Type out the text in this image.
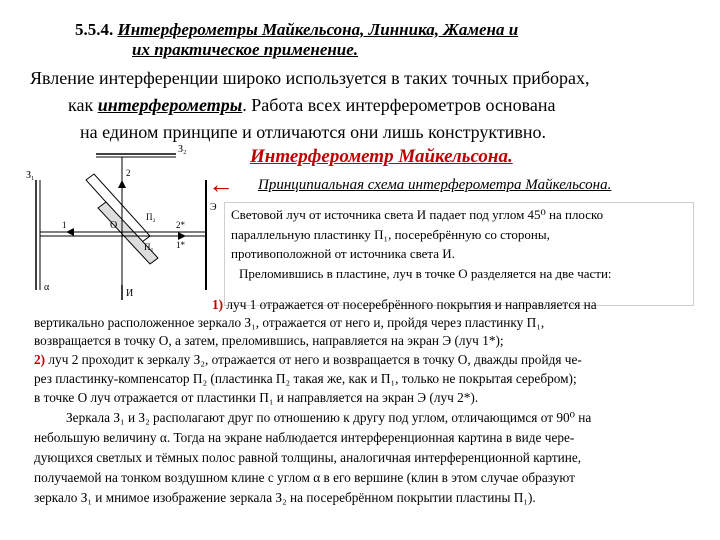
5.5.4. Интерферометры Майкельсона, Линника, Жамена и
их практическое применение.
Явление интерференции широко используется в таких точных приборах,
как интерферометры. Работа всех интерферометров основана
на едином принципе и отличаются они лишь конструктивно.
Интерферометр Майкельсона.
← Принципиальная схема интерферометра Майкельсона.
З₂
З₁
Э
И
П₁
П₂
О
1
2
1*
2*
α
Световой луч от источника света И падает под углом 45⁰ на плоско
параллельную пластинку П₁, посеребрённую со стороны,
противоположной от источника света И.
Преломившись в пластине, луч в точке О разделяется на две части:
1) луч 1 отражается от посеребрённого покрытия и направляется на
вертикально расположенное зеркало З₁, отражается от него и, пройдя через пластинку П₁,
возвращается в точку О, а затем, преломившись, направляется на экран Э (луч 1*);
2) луч 2 проходит к зеркалу З₂, отражается от него и возвращается в точку О, дважды пройдя че-
рез пластинку-компенсатор П₂ (пластинка П₂ такая же, как и П₁, только не покрытая серебром);
в точке О луч отражается от пластинки П₁ и направляется на экран Э (луч 2*).
Зеркала З₁ и З₂ располагают друг по отношению к другу под углом, отличающимся от 90⁰ на
небольшую величину α. Тогда на экране наблюдается интерференционная картина в виде чере-
дующихся светлых и тёмных полос равной толщины, аналогичная интерференционной картине,
получаемой на тонком воздушном клине с углом α в его вершине (клин в этом случае образуют
зеркало З₁ и мнимое изображение зеркала З₂ на посеребрённом покрытии пластины П₁).
